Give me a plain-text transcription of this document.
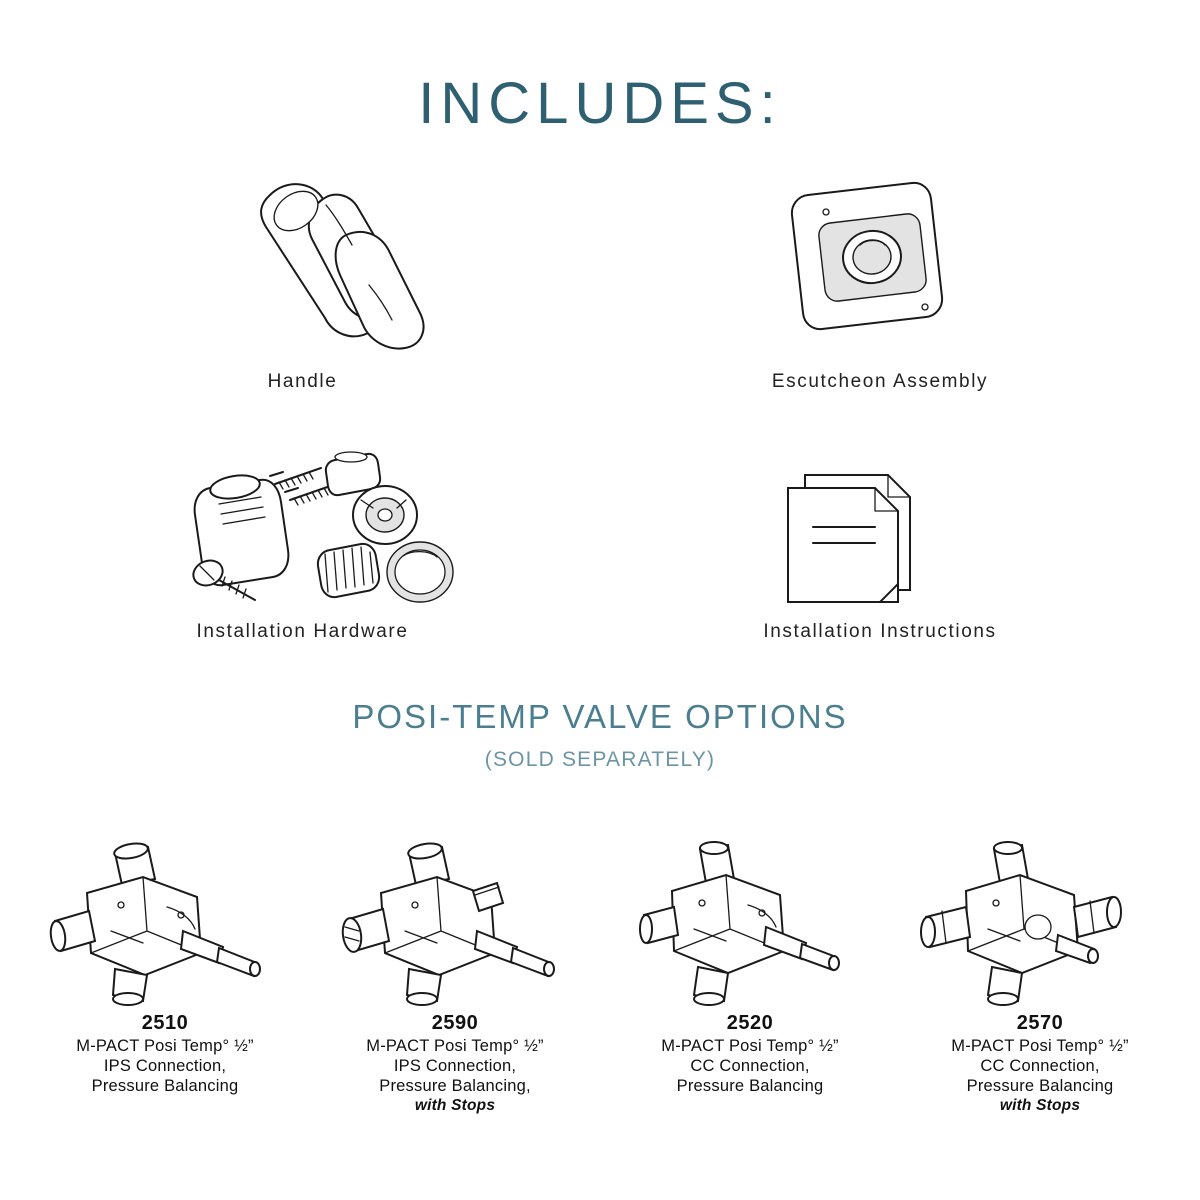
INCLUDES:
Handle	Escutcheon Assembly
Installation Hardware	Installation Instructions
POSI-TEMP VALVE OPTIONS
(SOLD SEPARATELY)
2510
M-PACT Posi Temp° ½”
IPS Connection,
Pressure Balancing
2590
M-PACT Posi Temp° ½”
IPS Connection,
Pressure Balancing,
with Stops
2520
M-PACT Posi Temp° ½”
CC Connection,
Pressure Balancing
2570
M-PACT Posi Temp° ½”
CC Connection,
Pressure Balancing
with Stops
